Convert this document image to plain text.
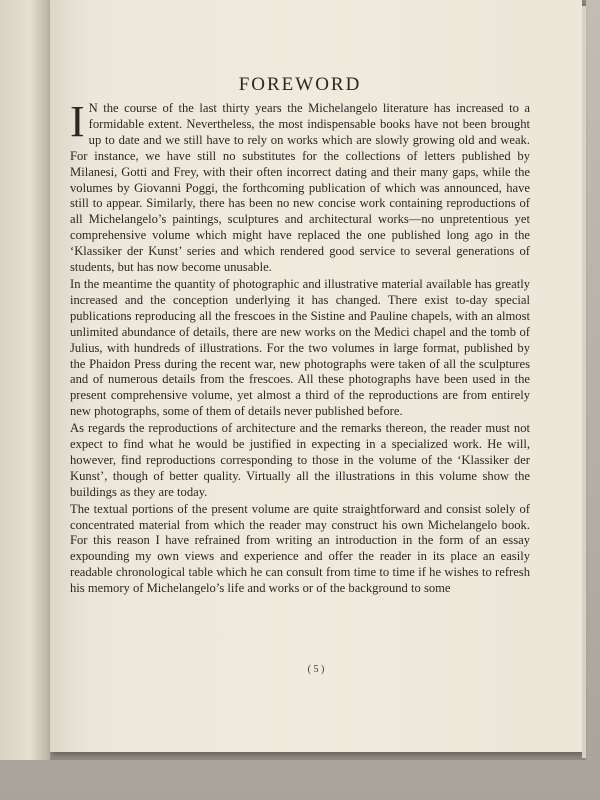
FOREWORD

I N the course of the last thirty years the Michelangelo literature has increased to a formidable extent. Nevertheless, the most indispensable books have not been brought up to date and we still have to rely on works which are slowly growing old and weak. For instance, we have still no substitutes for the collections of letters published by Milanesi, Gotti and Frey, with their often incorrect dating and their many gaps, while the volumes by Giovanni Poggi, the forthcoming publication of which was announced, have still to appear. Similarly, there has been no new concise work containing reproductions of all Michelangelo’s paintings, sculptures and architectural works—no unpretentious yet comprehensive volume which might have replaced the one published long ago in the ‘Klassiker der Kunst’ series and which rendered good service to several generations of students, but has now become unusable.

In the meantime the quantity of photographic and illustrative material available has greatly increased and the conception underlying it has changed. There exist to-day special publications reproducing all the frescoes in the Sistine and Pauline chapels, with an almost unlimited abundance of details, there are new works on the Medici chapel and the tomb of Julius, with hundreds of illustrations. For the two volumes in large format, published by the Phaidon Press during the recent war, new photographs were taken of all the sculptures and of numerous details from the frescoes. All these photographs have been used in the present comprehensive volume, yet almost a third of the reproductions are from entirely new photographs, some of them of details never published before.

As regards the reproductions of architecture and the remarks thereon, the reader must not expect to find what he would be justified in expecting in a specialized work. He will, however, find reproductions corresponding to those in the volume of the ‘Klassiker der Kunst’, though of better quality. Virtually all the illustrations in this volume show the buildings as they are today.

The textual portions of the present volume are quite straightforward and consist solely of concentrated material from which the reader may construct his own Michelangelo book. For this reason I have refrained from writing an introduction in the form of an essay expounding my own views and experience and offer the reader in its place an easily readable chronological table which he can consult from time to time if he wishes to refresh his memory of Michelangelo’s life and works or of the background to some

( 5 )
